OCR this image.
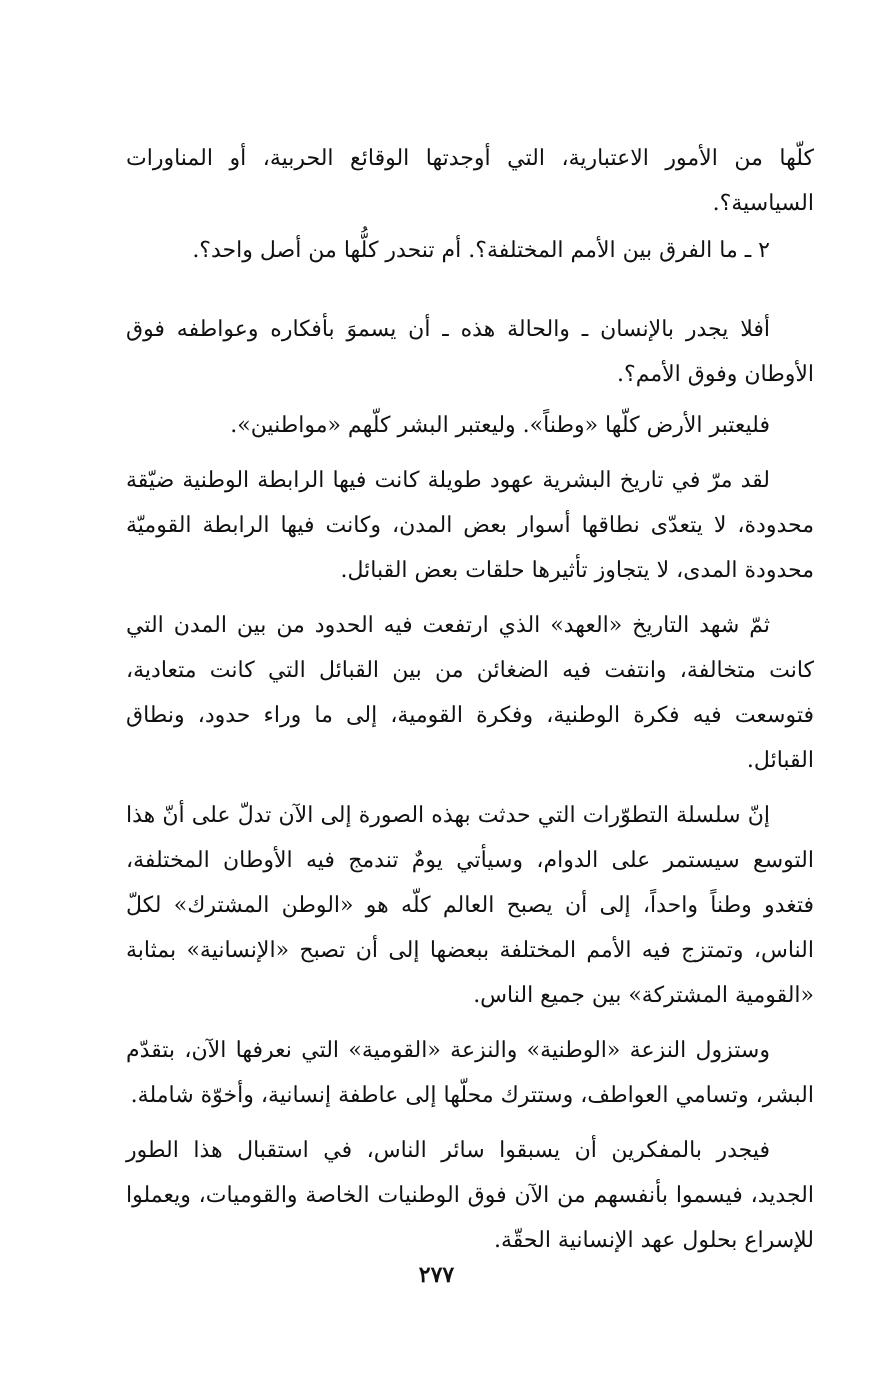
كلّها من الأمور الاعتبارية، التي أوجدتها الوقائع الحربية، أو المناورات السياسية؟.

٢ ـ ما الفرق بين الأمم المختلفة؟. أم تنحدر كلُّها من أصل واحد؟.

أفلا يجدر بالإنسان ـ والحالة هذه ـ أن يسموَ بأفكاره وعواطفه فوق الأوطان وفوق الأمم؟.

فليعتبر الأرض كلّها «وطناً». وليعتبر البشر كلّهم «مواطنين».

لقد مرّ في تاريخ البشرية عهود طويلة كانت فيها الرابطة الوطنية ضيّقة محدودة، لا يتعدّى نطاقها أسوار بعض المدن، وكانت فيها الرابطة القوميّة محدودة المدى، لا يتجاوز تأثيرها حلقات بعض القبائل.

ثمّ شهد التاريخ «العهد» الذي ارتفعت فيه الحدود من بين المدن التي كانت متخالفة، وانتفت فيه الضغائن من بين القبائل التي كانت متعادية، فتوسعت فيه فكرة الوطنية، وفكرة القومية، إلى ما وراء حدود، ونطاق القبائل.

إنّ سلسلة التطوّرات التي حدثت بهذه الصورة إلى الآن تدلّ على أنّ هذا التوسع سيستمر على الدوام، وسيأتي يومٌ تندمج فيه الأوطان المختلفة، فتغدو وطناً واحداً، إلى أن يصبح العالم كلّه هو «الوطن المشترك» لكلّ الناس، وتمتزج فيه الأمم المختلفة ببعضها إلى أن تصبح «الإنسانية» بمثابة «القومية المشتركة» بين جميع الناس.

وستزول النزعة «الوطنية» والنزعة «القومية» التي نعرفها الآن، بتقدّم البشر، وتسامي العواطف، وستترك محلّها إلى عاطفة إنسانية، وأخوّة شاملة.

فيجدر بالمفكرين أن يسبقوا سائر الناس، في استقبال هذا الطور الجديد، فيسموا بأنفسهم من الآن فوق الوطنيات الخاصة والقوميات، ويعملوا للإسراع بحلول عهد الإنسانية الحقّة.

٢٧٧
